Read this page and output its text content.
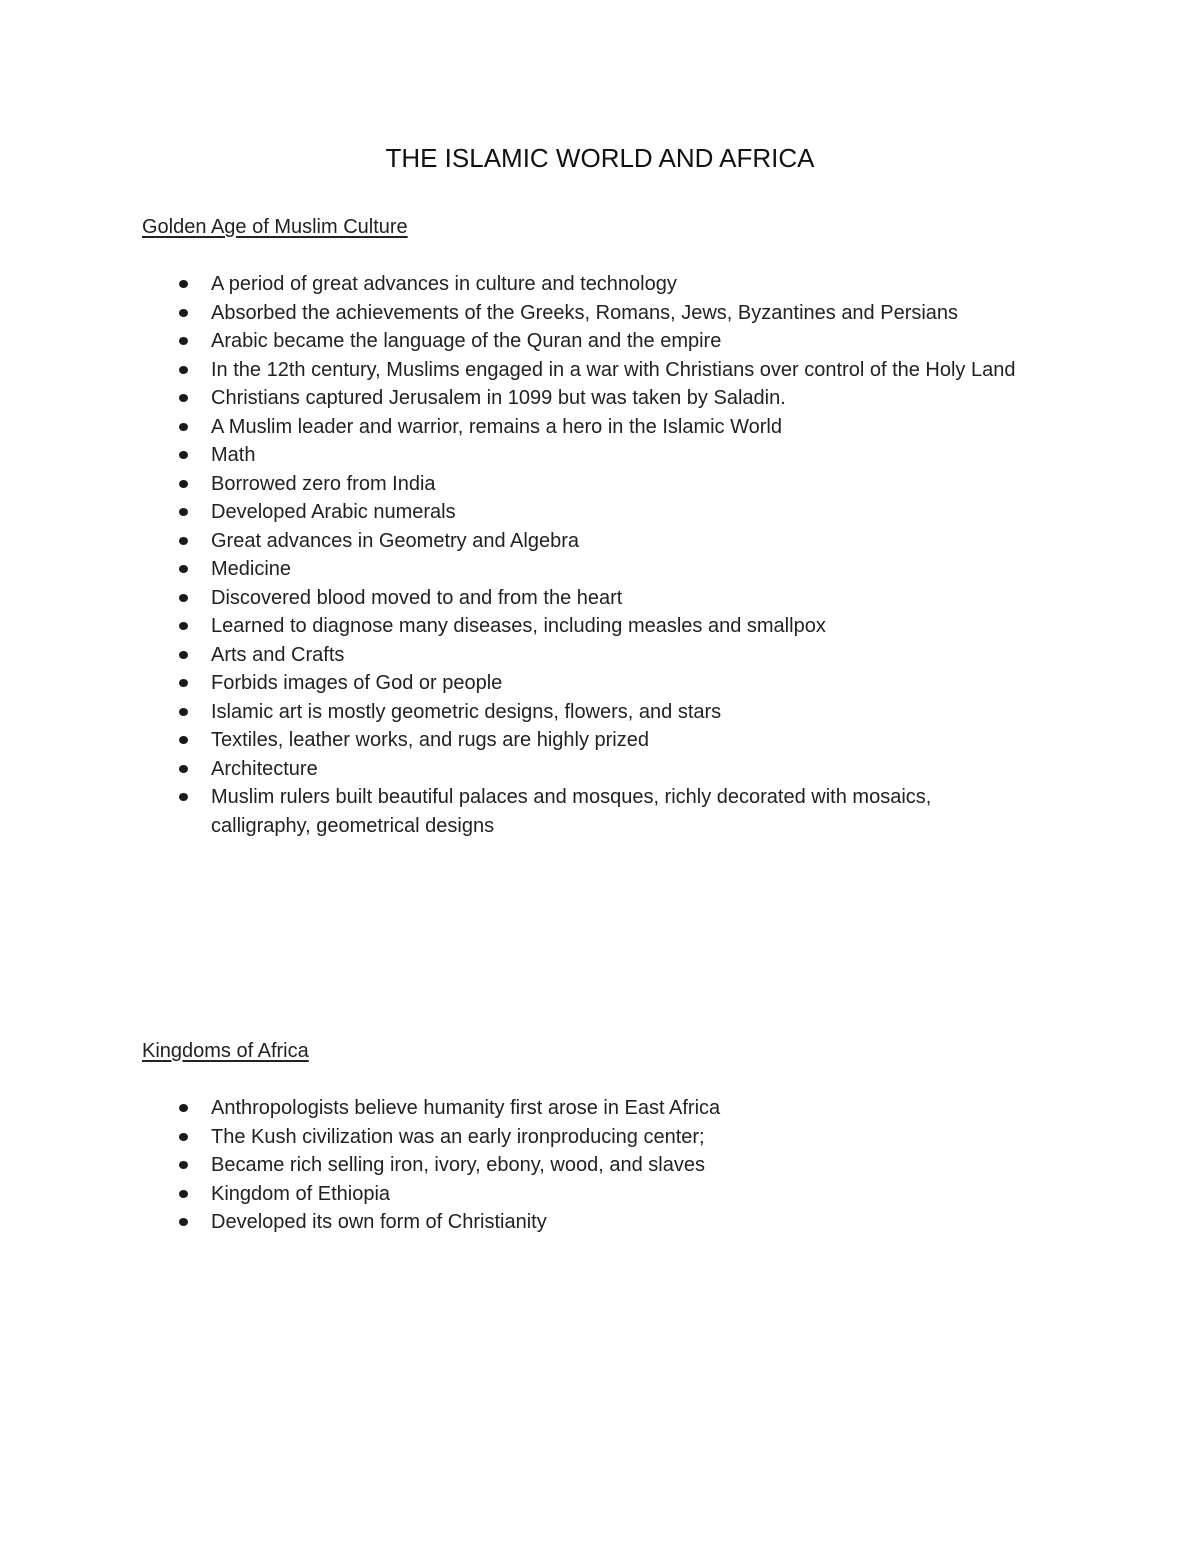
THE ISLAMIC WORLD AND AFRICA
Golden Age of Muslim Culture
A period of great advances in culture and technology
Absorbed the achievements of the Greeks, Romans, Jews, Byzantines and Persians
Arabic became the language of the Quran and the empire
In the 12th century, Muslims engaged in a war with Christians over control of the Holy Land
Christians captured Jerusalem in 1099 but was taken by Saladin.
A Muslim leader and warrior, remains a hero in the Islamic World
Math
Borrowed zero from India
Developed Arabic numerals
Great advances in Geometry and Algebra
Medicine
Discovered blood moved to and from the heart
Learned to diagnose many diseases, including measles and smallpox
Arts and Crafts
Forbids images of God or people
Islamic art is mostly geometric designs, flowers, and stars
Textiles, leather works, and rugs are highly prized
Architecture
Muslim rulers built beautiful palaces and mosques, richly decorated with mosaics, calligraphy, geometrical designs
Kingdoms of Africa
Anthropologists believe humanity first arose in East Africa
The Kush civilization was an early ironproducing center;
Became rich selling iron, ivory, ebony, wood, and slaves
Kingdom of Ethiopia
Developed its own form of Christianity
